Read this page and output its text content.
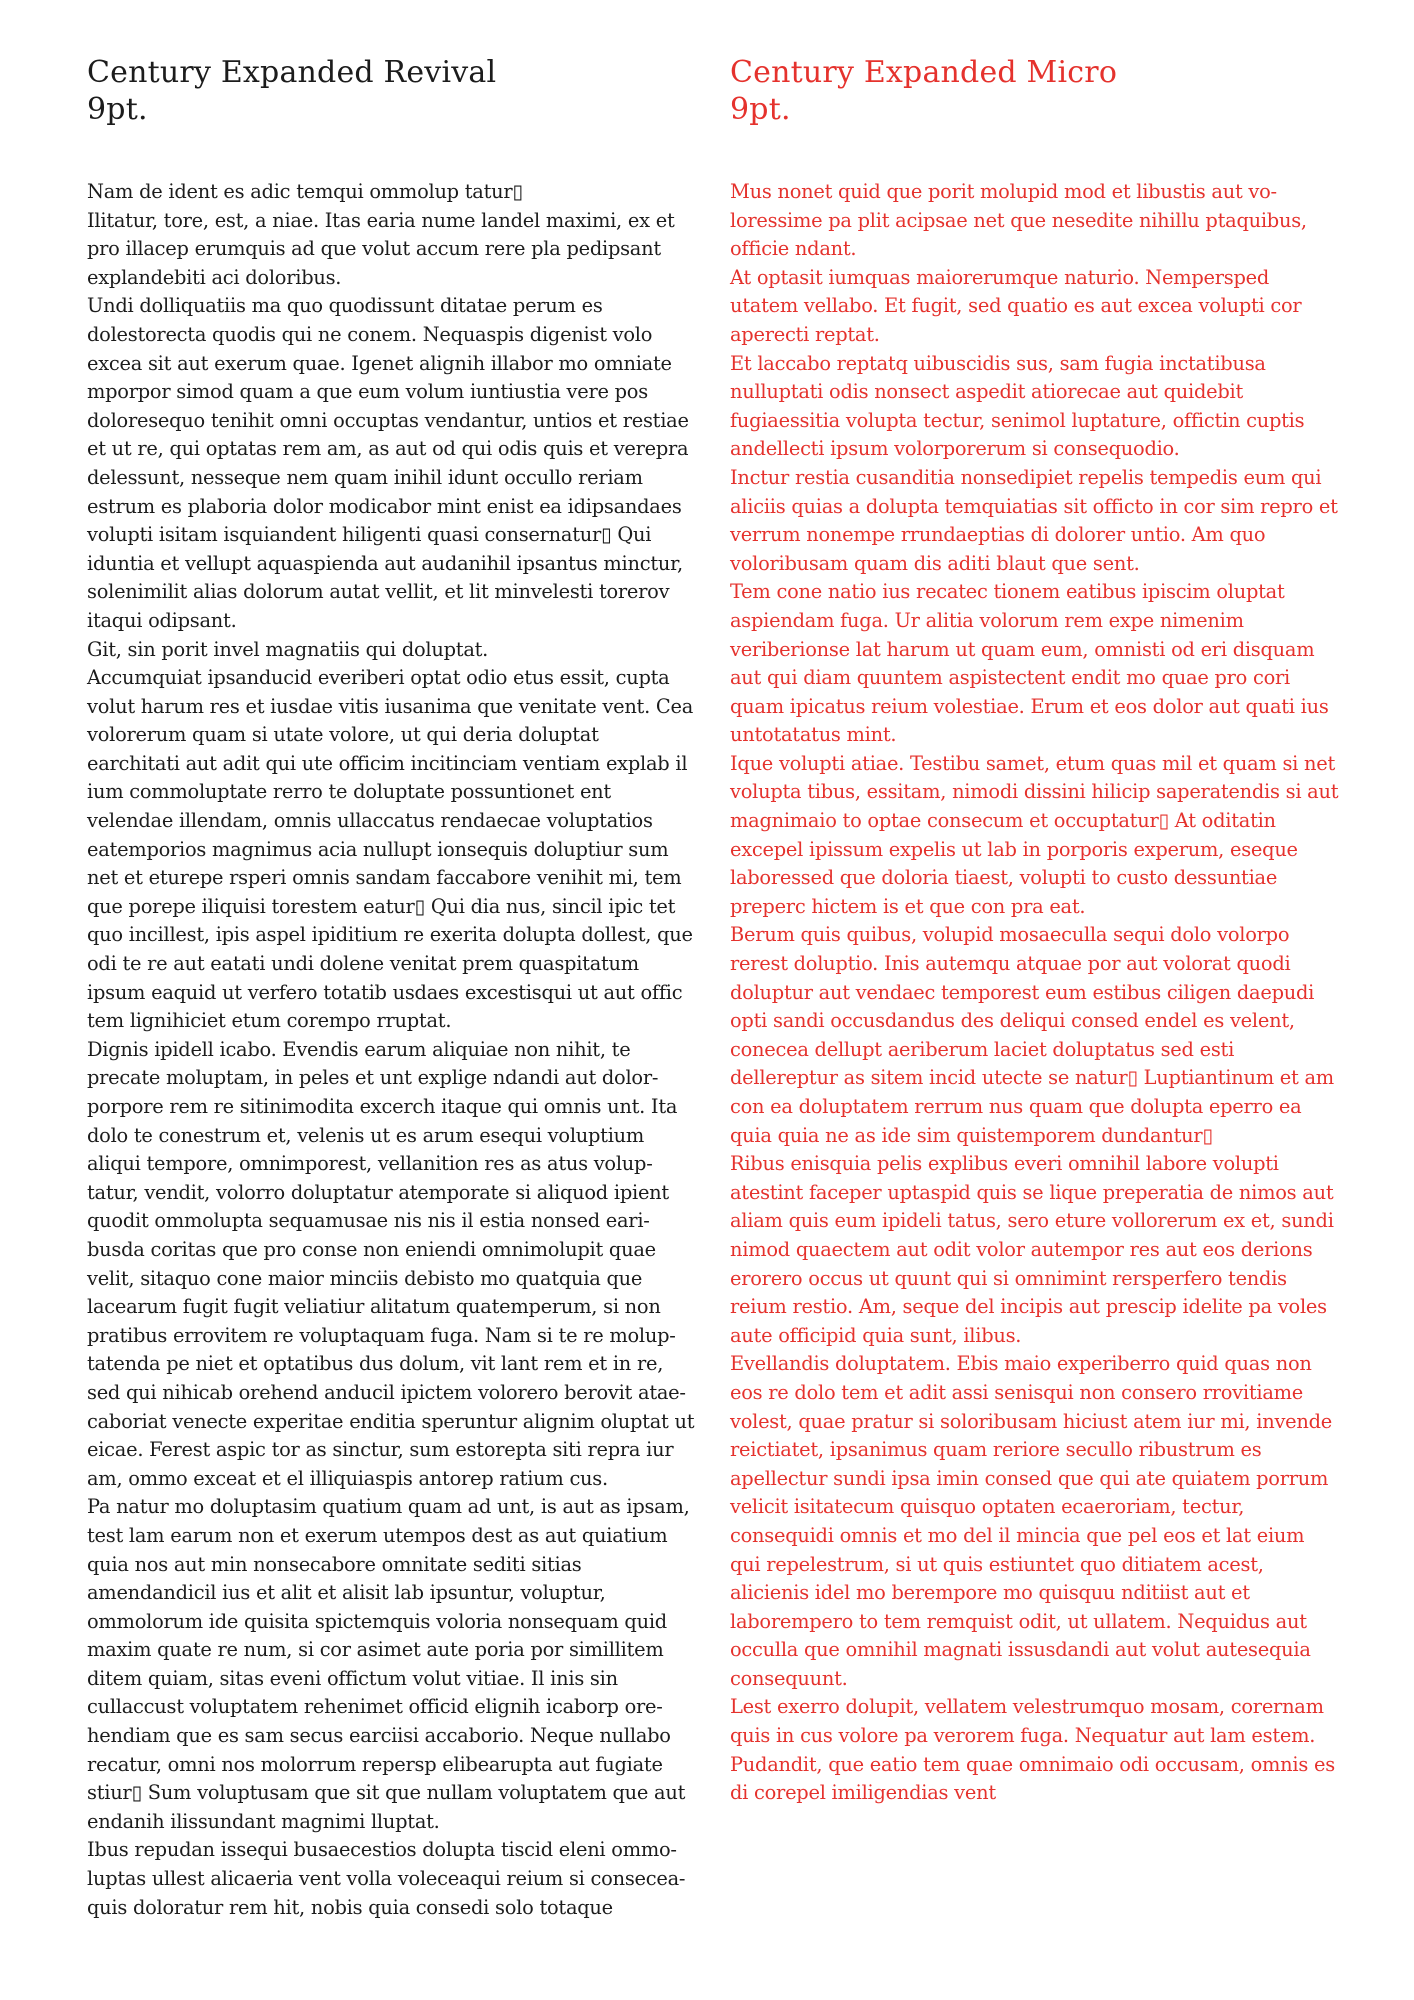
Century Expanded Revival
9pt.

Nam de ident es adic temqui ommolup tatur▯

Ilitatur, tore, est, a niae. Itas earia nume landel maximi, ex et pro illacep erumquis ad que volut accum rere pla pedipsant explandebiti aci doloribus.

Undi dolliquatiis ma quo quodissunt ditatae perum es dolestorecta quodis qui ne conem. Nequaspis digenist volo excea sit aut exerum quae. Igenet alignih illabor mo omniate mporpor simod quam a que eum volum iuntiustia vere pos doloresequo tenihit omni occuptas vendantur, untios et restiae et ut re, qui optatas rem am, as aut od qui odis quis et verepra delessunt, nesseque nem quam inihil idunt occullo reriam estrum es plaboria dolor modicabor mint enist ea idipsandaes volupti isitam isquiandent hiligenti quasi consernatur▯ Qui iduntia et vellupt aquaspienda aut audanihil ipsantus minctur, solenimilit alias dolorum autat vellit, et lit minvelesti torerov itaqui odipsant.

Git, sin porit invel magnatiis qui doluptat.

Accumquiat ipsanducid everiberi optat odio etus essit, cupta volut harum res et iusdae vitis iusanima que venitate vent. Cea volorerum quam si utate volore, ut qui deria doluptat earchitati aut adit qui ute officim incitinciam ventiam explab il ium commoluptate rerro te doluptate possuntionet ent velendae illendam, omnis ullaccatus rendaecae voluptatios eatemporios magnimus acia nullupt ionsequis doluptiur sum net et eturepe rsperi omnis sandam faccabore venihit mi, tem que porepe iliquisi torestem eatur▯ Qui dia nus, sincil ipic tet quo incillest, ipis aspel ipiditium re exerita dolupta dollest, que odi te re aut eatati undi dolene venitat prem quaspitatum ipsum eaquid ut verfero totatib usdaes excestisqui ut aut offic tem lignihiciet etum corempo rruptat.

Dignis ipidell icabo. Evendis earum aliquiae non nihit, te precate moluptam, in peles et unt explige ndandi aut dolorporpore rem re sitinimodita excerch itaque qui omnis unt. Ita dolo te conestrum et, velenis ut es arum esequi voluptium aliqui tempore, omnimporest, vellanition res as atus voluptatur, vendit, volorro doluptatur atemporate si aliquod ipient quodit ommolupta sequamusae nis nis il estia nonsed earibusda coritas que pro conse non eniendi omnimolupit quae velit, sitaquo cone maior minciis debisto mo quatquia que lacearum fugit fugit veliatiur alitatum quatemperum, si non pratibus errovitem re voluptaquam fuga. Nam si te re moluptatenda pe niet et optatibus dus dolum, vit lant rem et in re, sed qui nihicab orehend anducil ipictem volorero berovit ataecaboriat venecte experitae enditia speruntur alignim oluptat ut eicae. Ferest aspic tor as sinctur, sum estorepta siti repra iur am, ommo exceat et el illiquiaspis antorep ratium cus.

Pa natur mo doluptasim quatium quam ad unt, is aut as ipsam, test lam earum non et exerum utempos dest as aut quiatium quia nos aut min nonsecabore omnitate sediti sitias amendandicil ius et alit et alisit lab ipsuntur, voluptur, ommolorum ide quisita spictemquis voloria nonsequam quid maxim quate re num, si cor asimet aute poria por simillitem ditem quiam, sitas eveni offictum volut vitiae. Il inis sin cullaccust voluptatem rehenimet officid elignih icaborp orehendiam que es sam secus earciisi accaborio. Neque nullabo recatur, omni nos molorrum repersp elibearupta aut fugiate stiur▯ Sum voluptusam que sit que nullam voluptatem que aut endanih ilissundant magnimi lluptat.

Ibus repudan issequi busaecestios dolupta tiscid eleni ommoluptas ullest alicaeria vent volla voleceaqui reium si conseceaquis doloratur rem hit, nobis quia consedi solo totaque

Century Expanded Micro
9pt.

Mus nonet quid que porit molupid mod et libustis aut voloressime pa plit acipsae net que nesedite nihillu ptaquibus, officie ndant.

At optasit iumquas maiorerumque naturio. Nempersped utatem vellabo. Et fugit, sed quatio es aut excea volupti cor aperecti reptat.

Et laccabo reptatq uibuscidis sus, sam fugia inctatibusa nulluptati odis nonsect aspedit atiorecae aut quidebit fugiaessitia volupta tectur, senimol luptature, offictin cuptis andellecti ipsum volorporerum si consequodio.

Inctur restia cusanditia nonsedipiet repelis tempedis eum qui aliciis quias a dolupta temquiatias sit officto in cor sim repro et verrum nonempe rrundaeptias di dolorer untio. Am quo voloribusam quam dis aditi blaut que sent.

Tem cone natio ius recatec tionem eatibus ipiscim oluptat aspiendam fuga. Ur alitia volorum rem expe nimenim veriberionse lat harum ut quam eum, omnisti od eri disquam aut qui diam quuntem aspistectent endit mo quae pro cori quam ipicatus reium volestiae. Erum et eos dolor aut quati ius untotatatus mint.

Ique volupti atiae. Testibu samet, etum quas mil et quam si net volupta tibus, essitam, nimodi dissini hilicip saperatendis si aut magnimaio to optae consecum et occuptatur▯ At oditatin excepel ipissum expelis ut lab in porporis experum, eseque laboressed que doloria tiaest, volupti to custo dessuntiae preperc hictem is et que con pra eat.

Berum quis quibus, volupid mosaeculla sequi dolo volorpo rerest doluptio. Inis autemqu atquae por aut volorat quodi doluptur aut vendaec temporest eum estibus ciligen daepudi opti sandi occusdandus des deliqui consed endel es velent, conecea dellupt aeriberum laciet doluptatus sed esti dellereptur as sitem incid utecte se natur▯ Luptiantinum et am con ea doluptatem rerrum nus quam que dolupta eperro ea quia quia ne as ide sim quistemporem dundantur▯

Ribus enisquia pelis explibus everi omnihil labore volupti atestint faceper uptaspid quis se lique preperatia de nimos aut aliam quis eum ipideli tatus, sero eture vollorerum ex et, sundi nimod quaectem aut odit volor autempor res aut eos derions erorero occus ut quunt qui si omnimint rersperfero tendis reium restio. Am, seque del incipis aut prescip idelite pa voles aute officipid quia sunt, ilibus.

Evellandis doluptatem. Ebis maio experiberro quid quas non eos re dolo tem et adit assi senisqui non consero rrovitiame volest, quae pratur si soloribusam hiciust atem iur mi, invende reictiatet, ipsanimus quam reriore secullo ribustrum es apellectur sundi ipsa imin consed que qui ate quiatem porrum velicit isitatecum quisquo optaten ecaeroriam, tectur, consequidi omnis et mo del il mincia que pel eos et lat eium qui repelestrum, si ut quis estiuntet quo ditiatem acest, alicienis idel mo berempore mo quisquu nditiist aut et laborempero to tem remquist odit, ut ullatem. Nequidus aut occulla que omnihil magnati issusdandi aut volut autesequia consequunt.

Lest exerro dolupit, vellatem velestrumquo mosam, corernam quis in cus volore pa verorem fuga. Nequatur aut lam estem. Pudandit, que eatio tem quae omnimaio odi occusam, omnis es di corepel imiligendias vent
